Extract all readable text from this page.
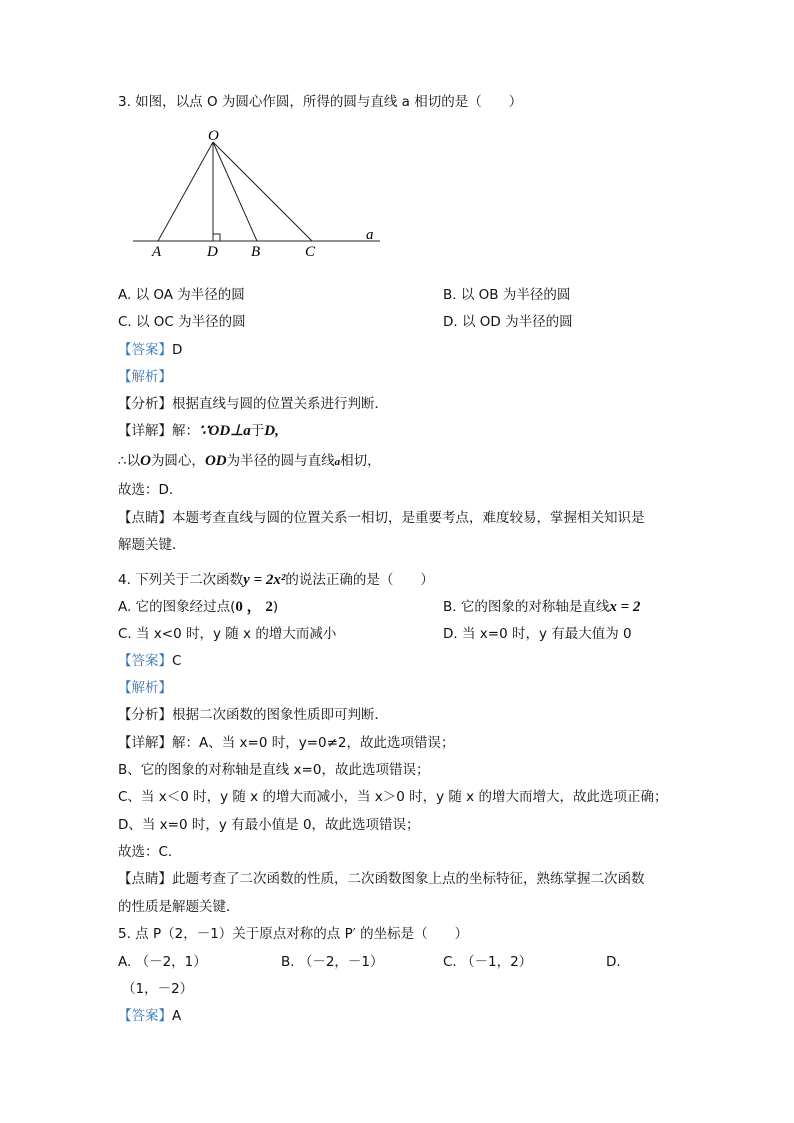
3. 如图，以点 O 为圆心作圆，所得的圆与直线 a 相切的是（　　）
O
A	D B	C
a
A. 以 OA 为半径的圆	B. 以 OB 为半径的圆
C. 以 OC 为半径的圆	D. 以 OD 为半径的圆
【答案】D
【解析】
【分析】根据直线与圆的位置关系进行判断．
【详解】解：∵OD⊥a于D,
∴以O为圆心，OD为半径的圆与直线a相切，
故选：D．
【点睛】本题考查直线与圆的位置关系一相切，是重要考点，难度较易，掌握相关知识是
解题关键．
4. 下列关于二次函数y = 2x²的说法正确的是（　　）
A. 它的图象经过点(0 ， 2)	B. 它的图象的对称轴是直线x = 2
C. 当 x<0 时，y 随 x 的增大而减小	D. 当 x=0 时，y 有最大值为 0
【答案】C
【解析】
【分析】根据二次函数的图象性质即可判断．
【详解】解：A、当 x=0 时，y=0≠2，故此选项错误；
B、它的图象的对称轴是直线 x=0，故此选项错误；
C、当 x＜0 时，y 随 x 的增大而减小，当 x＞0 时，y 随 x 的增大而增大，故此选项正确；
D、当 x=0 时，y 有最小值是 0，故此选项错误；
故选：C．
【点睛】此题考查了二次函数的性质，二次函数图象上点的坐标特征，熟练掌握二次函数
的性质是解题关键．
5. 点 P（2，－1）关于原点对称的点 P′ 的坐标是（　　）
A. （－2，1）	B. （－2，－1）	C. （－1，2）	D.
（1，－2）
【答案】A
